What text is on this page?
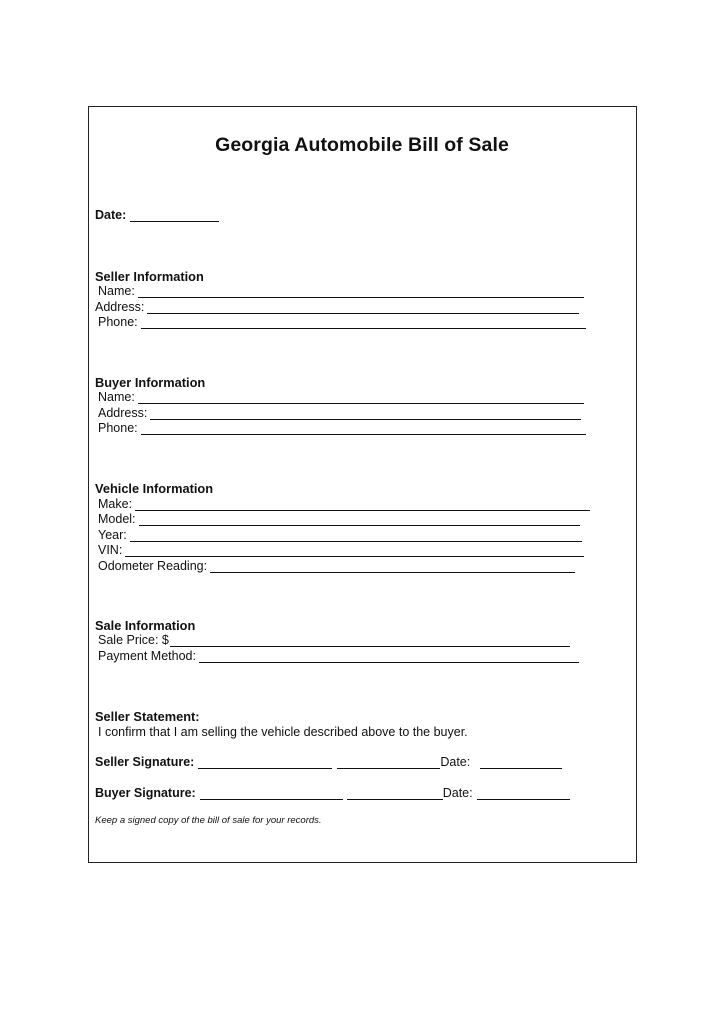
Georgia Automobile Bill of Sale
Date:
Seller Information
Name:
Address:
Phone:
Buyer Information
Name:
Address:
Phone:
Vehicle Information
Make:
Model:
Year:
VIN:
Odometer Reading:
Sale Information
Sale Price: $
Payment Method:
Seller Statement:
I confirm that I am selling the vehicle described above to the buyer.
Seller Signature:	Date:
Buyer Signature:	Date:
Keep a signed copy of the bill of sale for your records.
